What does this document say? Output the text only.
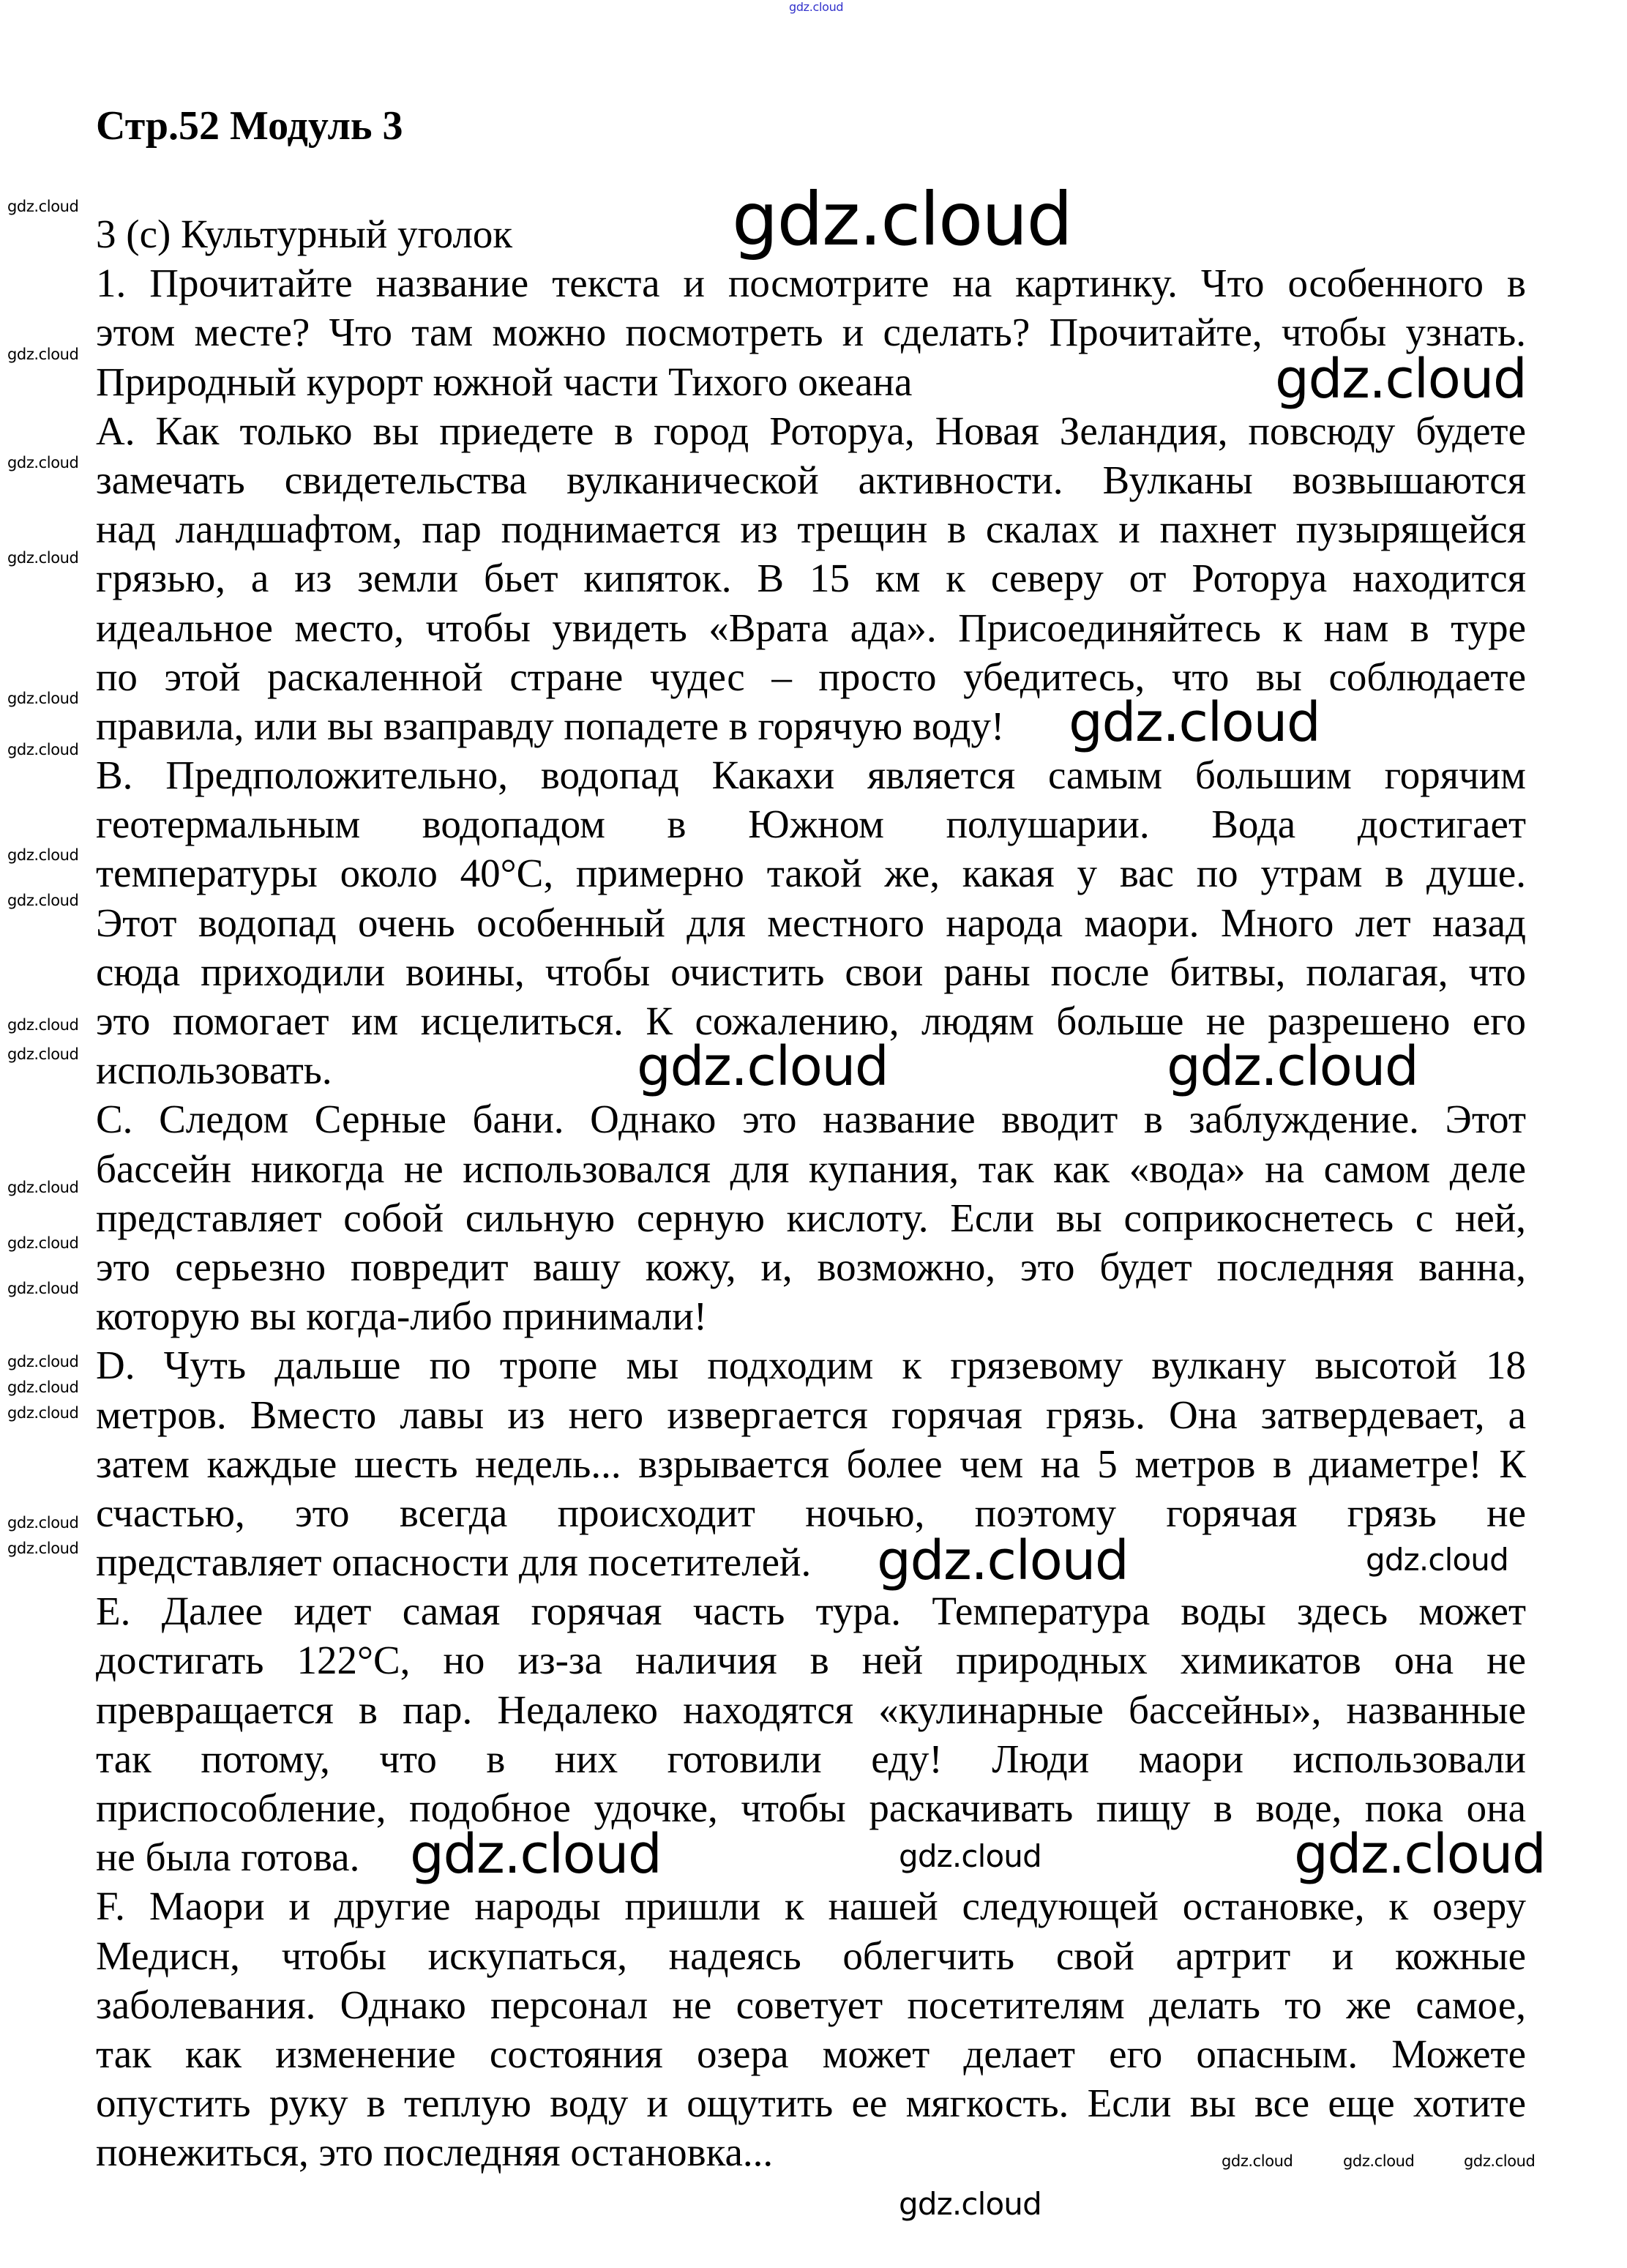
Стр.52 Модуль 3
3 (c) Культурный уголок
1. Прочитайте название текста и посмотрите на картинку. Что особенного в
этом месте? Что там можно посмотреть и сделать? Прочитайте, чтобы узнать.
Природный курорт южной части Тихого океана
A. Как только вы приедете в город Роторуа, Новая Зеландия, повсюду будете
замечать свидетельства вулканической активности. Вулканы возвышаются
над ландшафтом, пар поднимается из трещин в скалах и пахнет пузырящейся
грязью, а из земли бьет кипяток. В 15 км к северу от Роторуа находится
идеальное место, чтобы увидеть «Врата ада». Присоединяйтесь к нам в туре
по этой раскаленной стране чудес – просто убедитесь, что вы соблюдаете
правила, или вы взаправду попадете в горячую воду!
B. Предположительно, водопад Какахи является самым большим горячим
геотермальным водопадом в Южном полушарии. Вода достигает
температуры около 40°C, примерно такой же, какая у вас по утрам в душе.
Этот водопад очень особенный для местного народа маори. Много лет назад
сюда приходили воины, чтобы очистить свои раны после битвы, полагая, что
это помогает им исцелиться. К сожалению, людям больше не разрешено его
использовать.
C. Следом Серные бани. Однако это название вводит в заблуждение. Этот
бассейн никогда не использовался для купания, так как «вода» на самом деле
представляет собой сильную серную кислоту. Если вы соприкоснетесь с ней,
это серьезно повредит вашу кожу, и, возможно, это будет последняя ванна,
которую вы когда-либо принимали!
D. Чуть дальше по тропе мы подходим к грязевому вулкану высотой 18
метров. Вместо лавы из него извергается горячая грязь. Она затвердевает, а
затем каждые шесть недель... взрывается более чем на 5 метров в диаметре! К
счастью, это всегда происходит ночью, поэтому горячая грязь не
представляет опасности для посетителей.
E. Далее идет самая горячая часть тура. Температура воды здесь может
достигать 122°C, но из-за наличия в ней природных химикатов она не
превращается в пар. Недалеко находятся «кулинарные бассейны», названные
так потому, что в них готовили еду! Люди маори использовали
приспособление, подобное удочке, чтобы раскачивать пищу в воде, пока она
не была готова.
F. Маори и другие народы пришли к нашей следующей остановке, к озеру
Медисн, чтобы искупаться, надеясь облегчить свой артрит и кожные
заболевания. Однако персонал не советует посетителям делать то же самое,
так как изменение состояния озера может делает его опасным. Можете
опустить руку в теплую воду и ощутить ее мягкость. Если вы все еще хотите
понежиться, это последняя остановка...
gdz.cloud
gdz.cloud
gdz.cloud
gdz.cloud
gdz.cloud	gdz.cloud
gdz.cloud
gdz.cloud	gdz.cloud
gdz.cloud
gdz.cloud
gdz.cloud
gdz.cloud
gdz.cloud
gdz.cloud
gdz.cloud
gdz.cloud
gdz.cloud
gdz.cloud
gdz.cloud
gdz.cloud
gdz.cloud
gdz.cloud
gdz.cloud
gdz.cloud
gdz.cloud
gdz.cloud
gdz.cloud
gdz.cloud
gdz.cloud
gdz.cloud	gdz.cloud	gdz.cloud
